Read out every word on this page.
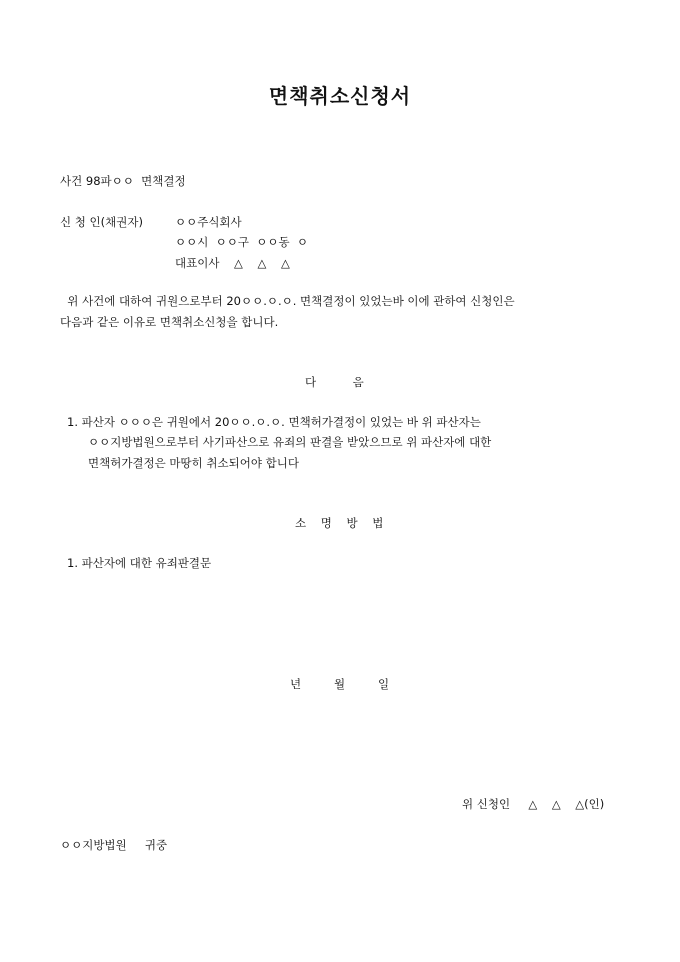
면책취소신청서

사건 98파ㅇㅇ  면책결정

신 청 인(채권자)	ㅇㅇ주식회사

ㅇㅇ시  ㅇㅇ구  ㅇㅇ동  ㅇ

대표이사    △    △    △

위 사건에 대하여 귀원으로부터 20ㅇㅇ.ㅇ.ㅇ. 면책결정이 있었는바 이에 관하여 신청인은

다음과 같은 이유로 면책취소신청을 합니다.

다          음

1. 파산자 ㅇㅇㅇ은 귀원에서 20ㅇㅇ.ㅇ.ㅇ. 면책허가결정이 있었는 바 위 파산자는

ㅇㅇ지방법원으로부터 사기파산으로 유죄의 판결을 받았으므로 위 파산자에 대한

면책허가결정은 마땅히 취소되어야 합니다

소    명    방    법

1. 파산자에 대한 유죄판결문

년         월         일

위 신청인     △    △    △(인)

ㅇㅇ지방법원     귀중
